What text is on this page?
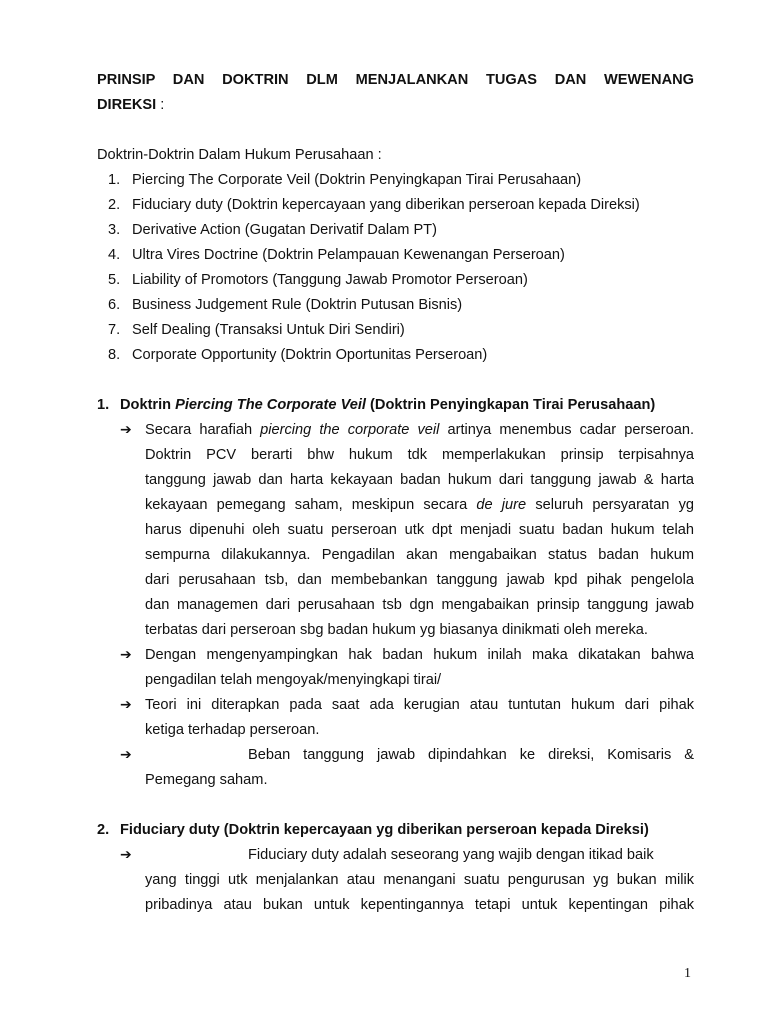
PRINSIP DAN DOKTRIN DLM MENJALANKAN TUGAS DAN WEWENANG
DIREKSI :
Doktrin-Doktrin Dalam Hukum Perusahaan :
1. Piercing The Corporate Veil (Doktrin Penyingkapan Tirai Perusahaan)
2. Fiduciary duty (Doktrin kepercayaan yang diberikan perseroan kepada Direksi)
3. Derivative Action (Gugatan Derivatif Dalam PT)
4. Ultra Vires Doctrine (Doktrin Pelampauan Kewenangan Perseroan)
5. Liability of Promotors (Tanggung Jawab Promotor Perseroan)
6. Business Judgement Rule (Doktrin Putusan Bisnis)
7. Self Dealing (Transaksi Untuk Diri Sendiri)
8. Corporate Opportunity (Doktrin Oportunitas Perseroan)
1. Doktrin Piercing The Corporate Veil (Doktrin Penyingkapan Tirai Perusahaan)
➔ Secara harafiah piercing the corporate veil artinya menembus cadar perseroan.
Doktrin PCV berarti bhw hukum tdk memperlakukan prinsip terpisahnya
tanggung jawab dan harta kekayaan badan hukum dari tanggung jawab & harta
kekayaan pemegang saham, meskipun secara de jure seluruh persyaratan yg
harus dipenuhi oleh suatu perseroan utk dpt menjadi suatu badan hukum telah
sempurna dilakukannya. Pengadilan akan mengabaikan status badan hukum
dari perusahaan tsb, dan membebankan tanggung jawab kpd pihak pengelola
dan managemen dari perusahaan tsb dgn mengabaikan prinsip tanggung jawab
terbatas dari perseroan sbg badan hukum yg biasanya dinikmati oleh mereka.
➔ Dengan mengenyampingkan hak badan hukum inilah maka dikatakan bahwa
pengadilan telah mengoyak/menyingkapi tirai/
➔ Teori ini diterapkan pada saat ada kerugian atau tuntutan hukum dari pihak
ketiga terhadap perseroan.
➔	Beban tanggung jawab dipindahkan ke direksi, Komisaris &
Pemegang saham.
2. Fiduciary duty (Doktrin kepercayaan yg diberikan perseroan kepada Direksi)
➔	Fiduciary duty adalah seseorang yang wajib dengan itikad baik
yang tinggi utk menjalankan atau menangani suatu pengurusan yg bukan milik
pribadinya atau bukan untuk kepentingannya tetapi untuk kepentingan pihak
1
